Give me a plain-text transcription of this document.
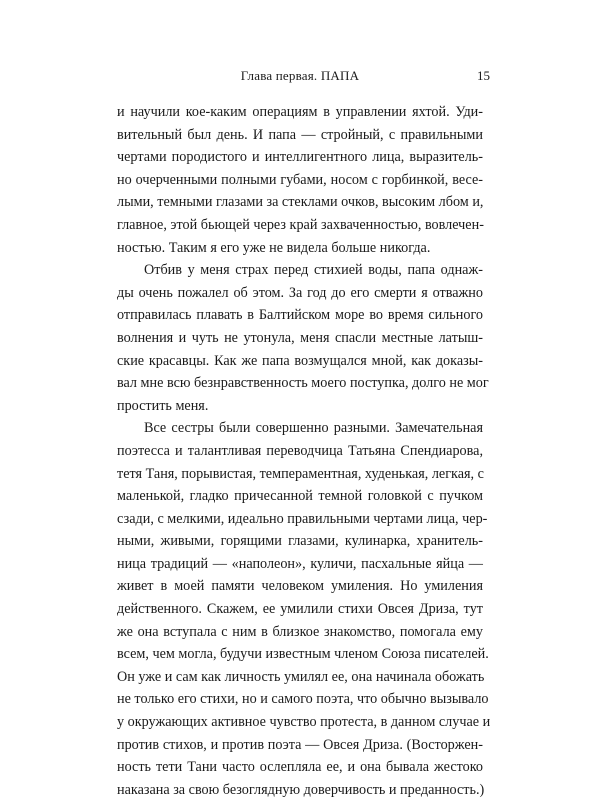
Глава первая. ПАПА	15
и научили кое-каким операциям в управлении яхтой. Уди-
вительный был день. И папа — стройный, с правильными
чертами породистого и интеллигентного лица, выразитель-
но очерченными полными губами, носом с горбинкой, весе-
лыми, темными глазами за стеклами очков, высоким лбом и,
главное, этой бьющей через край захваченностью, вовлечен-
ностью. Таким я его уже не видела больше никогда.
Отбив у меня страх перед стихией воды, папа однаж-
ды очень пожалел об этом. За год до его смерти я отважно
отправилась плавать в Балтийском море во время сильного
волнения и чуть не утонула, меня спасли местные латыш-
ские красавцы. Как же папа возмущался мной, как доказы-
вал мне всю безнравственность моего поступка, долго не мог
простить меня.
Все сестры были совершенно разными. Замечательная
поэтесса и талантливая переводчица Татьяна Спендиарова,
тетя Таня, порывистая, темпераментная, худенькая, легкая, с
маленькой, гладко причесанной темной головкой с пучком
сзади, с мелкими, идеально правильными чертами лица, чер-
ными, живыми, горящими глазами, кулинарка, хранитель-
ница традиций — «наполеон», куличи, пасхальные яйца —
живет в моей памяти человеком умиления. Но умиления
действенного. Скажем, ее умилили стихи Овсея Дриза, тут
же она вступала с ним в близкое знакомство, помогала ему
всем, чем могла, будучи известным членом Союза писателей.
Он уже и сам как личность умилял ее, она начинала обожать
не только его стихи, но и самого поэта, что обычно вызывало
у окружающих активное чувство протеста, в данном случае и
против стихов, и против поэта — Овсея Дриза. (Восторжен-
ность тети Тани часто ослепляла ее, и она бывала жестоко
наказана за свою безоглядную доверчивость и преданность.)
